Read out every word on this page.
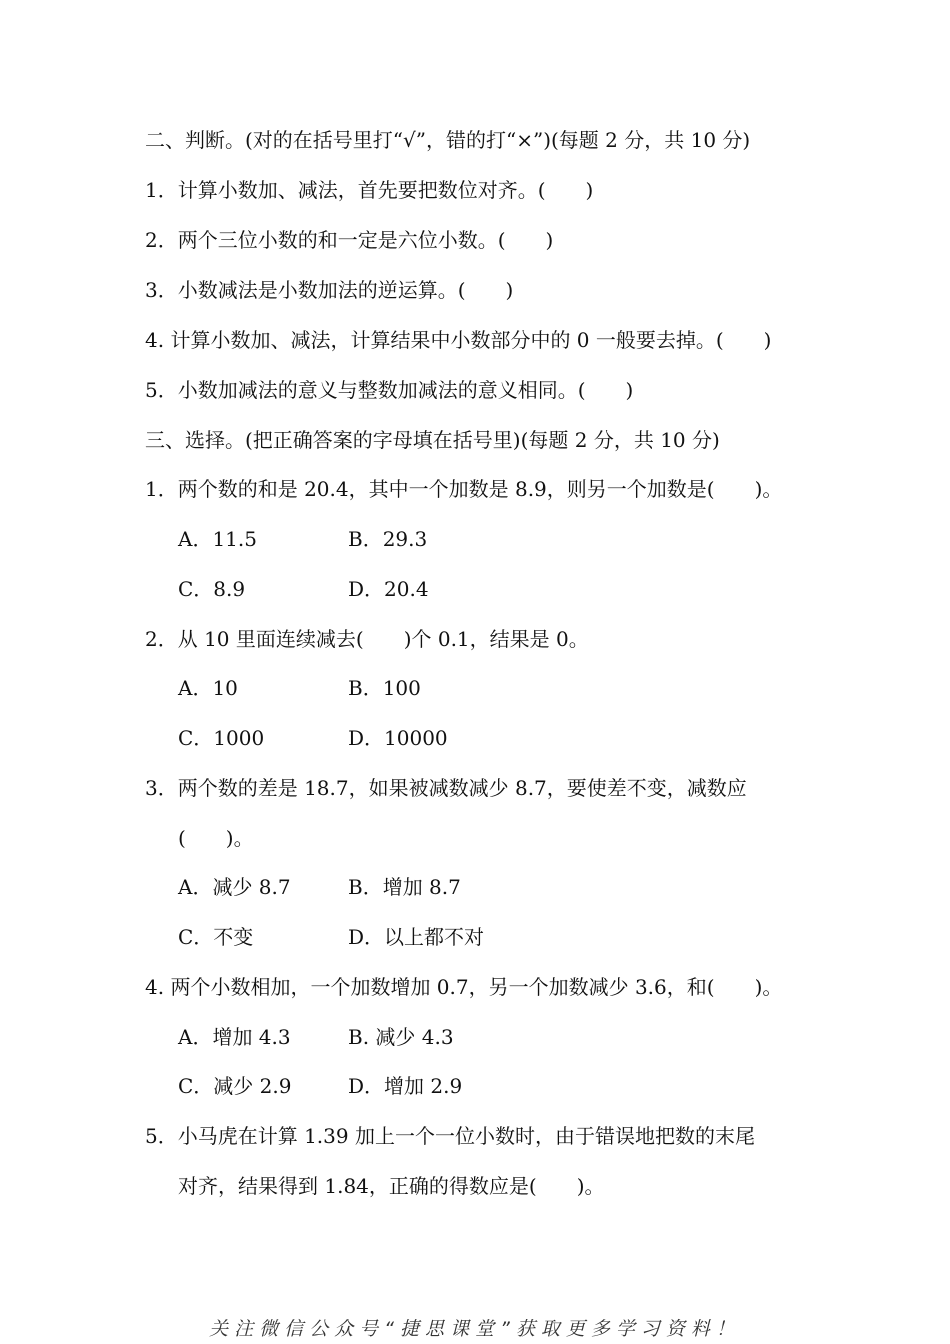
二、判断。(对的在括号里打“√”，错的打“×”)(每题 2 分，共 10 分)
1．计算小数加、减法，首先要把数位对齐。(　　)
2．两个三位小数的和一定是六位小数。(　　)
3．小数减法是小数加法的逆运算。(　　)
4. 计算小数加、减法，计算结果中小数部分中的 0 一般要去掉。(　　)
5．小数加减法的意义与整数加减法的意义相同。(　　)
三、选择。(把正确答案的字母填在括号里)(每题 2 分，共 10 分)
1．两个数的和是 20.4，其中一个加数是 8.9，则另一个加数是(　　)。
A．11.5	B．29.3
C．8.9	D．20.4
2．从 10 里面连续减去(　　)个 0.1，结果是 0。
A．10	B．100
C．1000	D．10000
3．两个数的差是 18.7，如果被减数减少 8.7，要使差不变，减数应
(　　)。
A．减少 8.7	B．增加 8.7
C．不变	D．以上都不对
4. 两个小数相加，一个加数增加 0.7，另一个加数减少 3.6，和(　　)。
A．增加 4.3	B. 减少 4.3
C．减少 2.9	D．增加 2.9
5．小马虎在计算 1.39 加上一个一位小数时，由于错误地把数的末尾
对齐，结果得到 1.84，正确的得数应是(　　)。
关注微信公众号“捷思课堂”获取更多学习资料！
